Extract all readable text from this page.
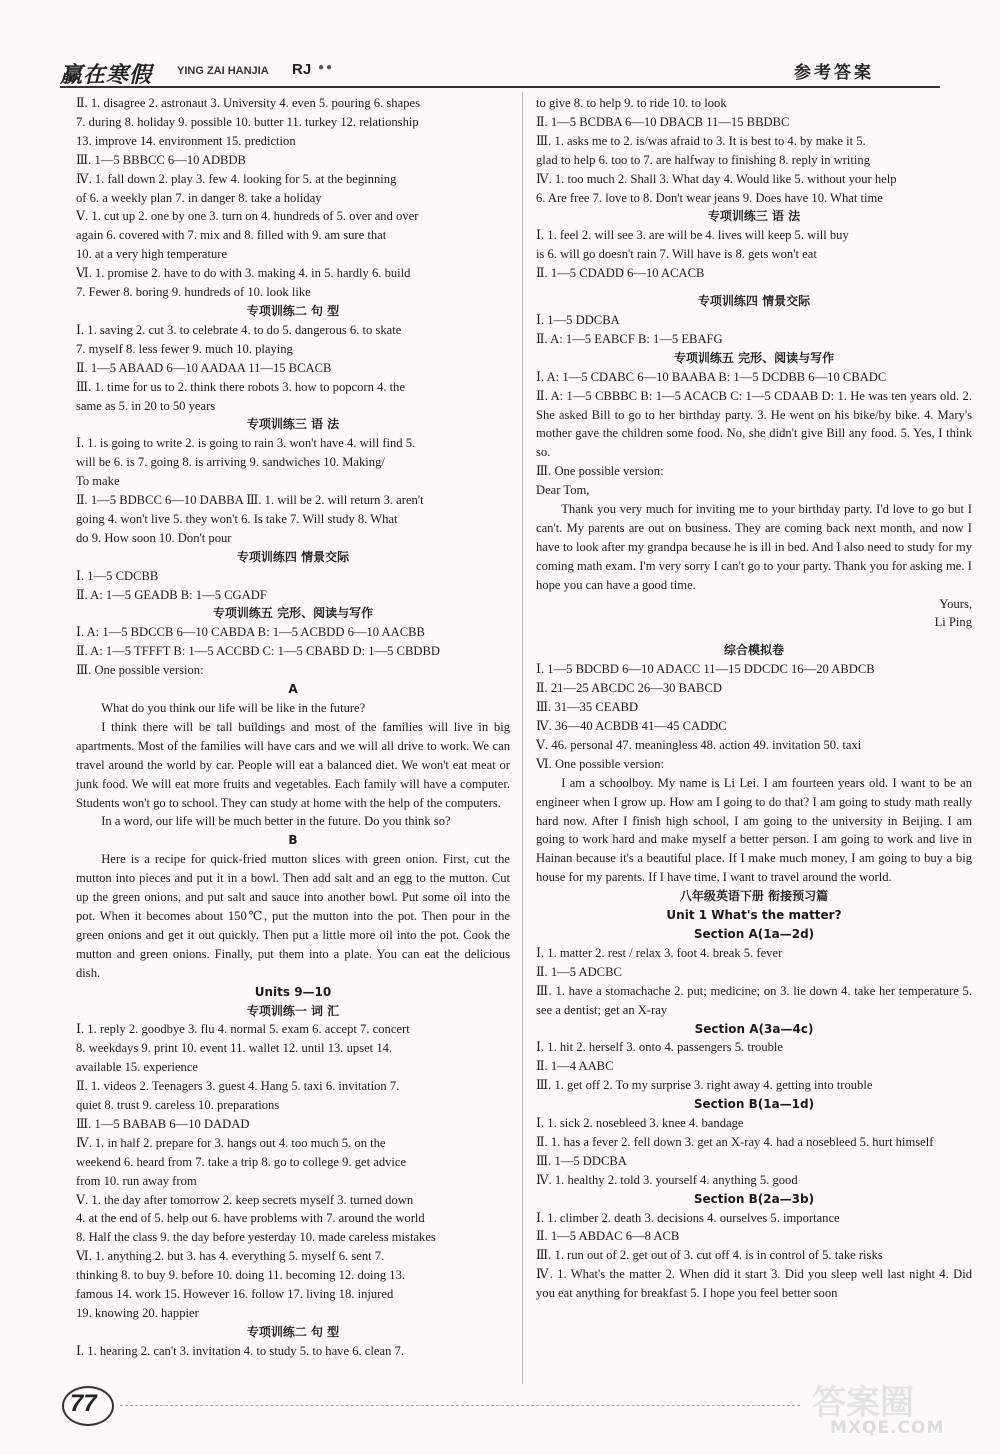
赢在寒假 YING ZAI HANJIA RJ ●●	参考答案

Ⅱ. 1. disagree 2. astronaut 3. University 4. even 5. pouring 6. shapes

7. during 8. holiday 9. possible 10. butter 11. turkey 12. relationship

13. improve 14. environment 15. prediction

Ⅲ. 1—5 BBBCC 6—10 ADBDB

Ⅳ. 1. fall down 2. play 3. few 4. looking for 5. at the beginning

of 6. a weekly plan 7. in danger 8. take a holiday

Ⅴ. 1. cut up 2. one by one 3. turn on 4. hundreds of 5. over and over

again 6. covered with 7. mix and 8. filled with 9. am sure that

10. at a very high temperature

Ⅵ. 1. promise 2. have to do with 3. making 4. in 5. hardly 6. build

7. Fewer 8. boring 9. hundreds of 10. look like

专项训练二 句 型

Ⅰ. 1. saving 2. cut 3. to celebrate 4. to do 5. dangerous 6. to skate

7. myself 8. less fewer 9. much 10. playing

Ⅱ. 1—5 ABAAD 6—10 AADAA 11—15 BCACB

Ⅲ. 1. time for us to 2. think there robots 3. how to popcorn 4. the

same as 5. in 20 to 50 years

专项训练三 语 法

Ⅰ. 1. is going to write 2. is going to rain 3. won't have 4. will find 5.

will be 6. is 7. going 8. is arriving 9. sandwiches 10. Making/

To make

Ⅱ. 1—5 BDBCC 6—10 DABBA Ⅲ. 1. will be 2. will return 3. aren't

going 4. won't live 5. they won't 6. Is take 7. Will study 8. What

do 9. How soon 10. Don't pour

专项训练四 情景交际

Ⅰ. 1—5 CDCBB

Ⅱ. A: 1—5 GEADB B: 1—5 CGADF

专项训练五 完形、阅读与写作

Ⅰ. A: 1—5 BDCCB 6—10 CABDA B: 1—5 ACBDD 6—10 AACBB

Ⅱ. A: 1—5 TFFFT B: 1—5 ACCBD C: 1—5 CBABD D: 1—5 CBDBD

Ⅲ. One possible version:

A

What do you think our life will be like in the future?

I think there will be tall buildings and most of the families will live in big apartments. Most of the families will have cars and we will all drive to work. We can travel around the world by car. People will eat a balanced diet. We won't eat meat or junk food. We will eat more fruits and vegetables. Each family will have a computer. Students won't go to school. They can study at home with the help of the computers.

In a word, our life will be much better in the future. Do you think so?

B

Here is a recipe for quick-fried mutton slices with green onion. First, cut the mutton into pieces and put it in a bowl. Then add salt and an egg to the mutton. Cut up the green onions, and put salt and sauce into another bowl. Put some oil into the pot. When it becomes about 150℃, put the mutton into the pot. Then pour in the green onions and get it out quickly. Then put a little more oil into the pot. Cook the mutton and green onions. Finally, put them into a plate. You can eat the delicious dish.

Units 9—10

专项训练一 词 汇

Ⅰ. 1. reply 2. goodbye 3. flu 4. normal 5. exam 6. accept 7. concert

8. weekdays 9. print 10. event 11. wallet 12. until 13. upset 14.

available 15. experience

Ⅱ. 1. videos 2. Teenagers 3. guest 4. Hang 5. taxi 6. invitation 7.

quiet 8. trust 9. careless 10. preparations

Ⅲ. 1—5 BABAB 6—10 DADAD

Ⅳ. 1. in half 2. prepare for 3. hangs out 4. too much 5. on the

weekend 6. heard from 7. take a trip 8. go to college 9. get advice

from 10. run away from

Ⅴ. 1. the day after tomorrow 2. keep secrets myself 3. turned down

4. at the end of 5. help out 6. have problems with 7. around the world

8. Half the class 9. the day before yesterday 10. made careless mistakes

Ⅵ. 1. anything 2. but 3. has 4. everything 5. myself 6. sent 7.

thinking 8. to buy 9. before 10. doing 11. becoming 12. doing 13.

famous 14. work 15. However 16. follow 17. living 18. injured

19. knowing 20. happier

专项训练二 句 型

Ⅰ. 1. hearing 2. can't 3. invitation 4. to study 5. to have 6. clean 7.

to give 8. to help 9. to ride 10. to look

Ⅱ. 1—5 BCDBA 6—10 DBACB 11—15 BBDBC

Ⅲ. 1. asks me to 2. is/was afraid to 3. It is best to 4. by make it 5.

glad to help 6. too to 7. are halfway to finishing 8. reply in writing

Ⅳ. 1. too much 2. Shall 3. What day 4. Would like 5. without your help

6. Are free 7. love to 8. Don't wear jeans 9. Does have 10. What time

专项训练三 语 法

Ⅰ. 1. feel 2. will see 3. are will be 4. lives will keep 5. will buy

is 6. will go doesn't rain 7. Will have is 8. gets won't eat

Ⅱ. 1—5 CDADD 6—10 ACACB

专项训练四 情景交际

Ⅰ. 1—5 DDCBA

Ⅱ. A: 1—5 EABCF B: 1—5 EBAFG

专项训练五 完形、阅读与写作

Ⅰ. A: 1—5 CDABC 6—10 BAABA B: 1—5 DCDBB 6—10 CBADC

Ⅱ. A: 1—5 CBBBC B: 1—5 ACACB C: 1—5 CDAAB D: 1. He was ten years old. 2. She asked Bill to go to her birthday party. 3. He went on his bike/by bike. 4. Mary's mother gave the children some food. No, she didn't give Bill any food. 5. Yes, I think so.

Ⅲ. One possible version:

Dear Tom,

Thank you very much for inviting me to your birthday party. I'd love to go but I can't. My parents are out on business. They are coming back next month, and now I have to look after my grandpa because he is ill in bed. And I also need to study for my coming math exam. I'm very sorry I can't go to your party. Thank you for asking me. I hope you can have a good time.

Yours,

Li Ping

综合模拟卷

Ⅰ. 1—5 BDCBD 6—10 ADACC 11—15 DDCDC 16—20 ABDCB

Ⅱ. 21—25 ABCDC 26—30 BABCD

Ⅲ. 31—35 CEABD

Ⅳ. 36—40 ACBDB 41—45 CADDC

Ⅴ. 46. personal 47. meaningless 48. action 49. invitation 50. taxi

Ⅵ. One possible version:

I am a schoolboy. My name is Li Lei. I am fourteen years old. I want to be an engineer when I grow up. How am I going to do that? I am going to study math really hard now. After I finish high school, I am going to the university in Beijing. I am going to work hard and make myself a better person. I am going to work and live in Hainan because it's a beautiful place. If I make much money, I am going to buy a big house for my parents. If I have time, I want to travel around the world.

八年级英语下册 衔接预习篇

Unit 1 What's the matter?

Section A(1a—2d)

Ⅰ. 1. matter 2. rest / relax 3. foot 4. break 5. fever

Ⅱ. 1—5 ADCBC

Ⅲ. 1. have a stomachache 2. put; medicine; on 3. lie down 4. take her temperature 5. see a dentist; get an X-ray

Section A(3a—4c)

Ⅰ. 1. hit 2. herself 3. onto 4. passengers 5. trouble

Ⅱ. 1—4 AABC

Ⅲ. 1. get off 2. To my surprise 3. right away 4. getting into trouble

Section B(1a—1d)

Ⅰ. 1. sick 2. nosebleed 3. knee 4. bandage

Ⅱ. 1. has a fever 2. fell down 3. get an X-ray 4. had a nosebleed 5. hurt himself

Ⅲ. 1—5 DDCBA

Ⅳ. 1. healthy 2. told 3. yourself 4. anything 5. good

Section B(2a—3b)

Ⅰ. 1. climber 2. death 3. decisions 4. ourselves 5. importance

Ⅱ. 1—5 ABDAC 6—8 ACB

Ⅲ. 1. run out of 2. get out of 3. cut off 4. is in control of 5. take risks

Ⅳ. 1. What's the matter 2. When did it start 3. Did you sleep well last night 4. Did you eat anything for breakfast 5. I hope you feel better soon

77	答案圈
MXQE.COM
